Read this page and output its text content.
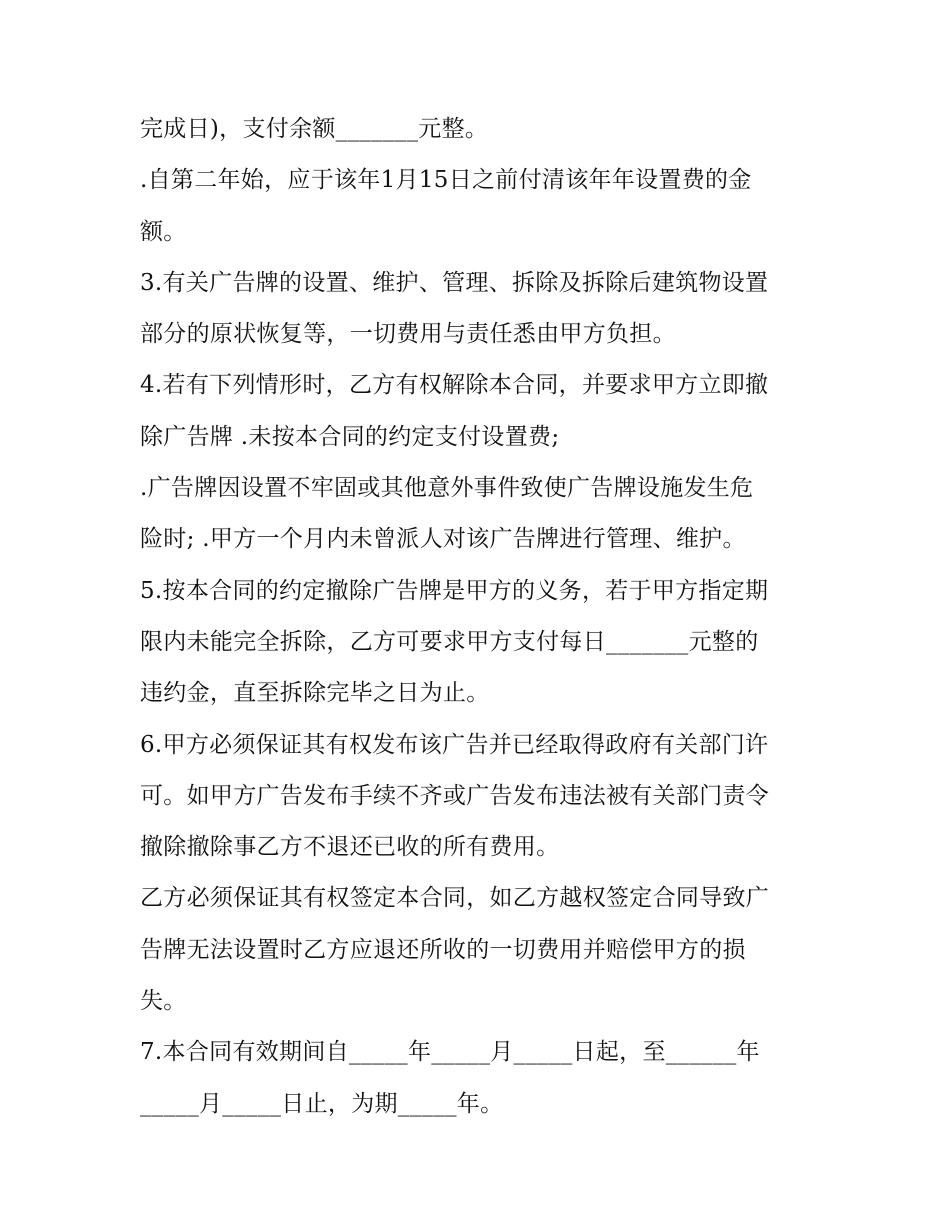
完成日)，支付余额_______元整。
.自第二年始，应于该年1月15日之前付清该年年设置费的金
额。
3.有关广告牌的设置、维护、管理、拆除及拆除后建筑物设置
部分的原状恢复等，一切费用与责任悉由甲方负担。
4.若有下列情形时，乙方有权解除本合同，并要求甲方立即撤
除广告牌 .未按本合同的约定支付设置费;
.广告牌因设置不牢固或其他意外事件致使广告牌设施发生危
险时; .甲方一个月内未曾派人对该广告牌进行管理、维护。
5.按本合同的约定撤除广告牌是甲方的义务，若于甲方指定期
限内未能完全拆除，乙方可要求甲方支付每日_______元整的
违约金，直至拆除完毕之日为止。
6.甲方必须保证其有权发布该广告并已经取得政府有关部门许
可。如甲方广告发布手续不齐或广告发布违法被有关部门责令
撤除撤除事乙方不退还已收的所有费用。
乙方必须保证其有权签定本合同，如乙方越权签定合同导致广
告牌无法设置时乙方应退还所收的一切费用并赔偿甲方的损
失。
7.本合同有效期间自_____年_____月_____日起，至______年
_____月_____日止，为期_____年。
